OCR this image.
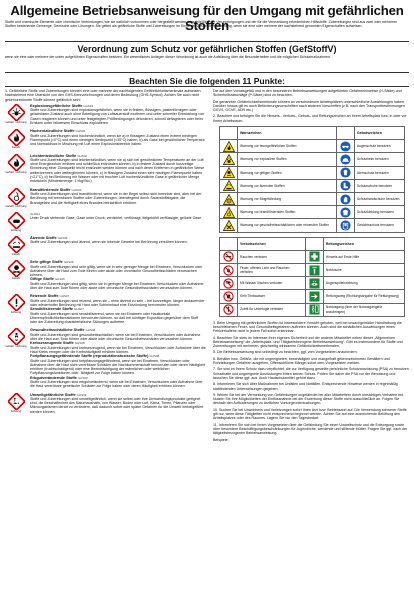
Allgemeine Betriebsanweisung für den Umgang mit gefährlichen Stoffen
Stoffe und chemische Elemente oder chemische Verbindungen, wie sie natürlich vorkommen oder hergestellt werden, einschließlich der Verunreinigungen und der für die Vermarktung erforderlichen Hilfsstoffe. Zubereitungen sind aus zwei oder mehreren Stoffen bestehende Gemenge, Gemische oder Lösungen. Sie gelten als gefährliche Stoffe und Zubereitungen im Sinne der Gefahrstoffverordnung, wenn sie eine oder mehrere der nachstehend genannten Eigenschaften aufweisen.
Verordnung zum Schutz vor gefährlichen Stoffen (GefStoffV)
wenn sie eine oder mehrere der unten aufgeführten Eigenschaften besitzen. Ein wesentliches Anliegen dieser Verordnung ist auch die Aufklärung über die Besonderheiten und die möglichen Schutzmaßnahmen.
Beachten Sie die folgenden 11 Punkte:

1. Gefährliche Stoffe und Zubereitungen können eine oder mehrere der nachfolgenden Gefährlichkeitsmerkmale aufweisen. Nachstehend eine Übersicht von den GHS-Kennzeichnungen und deren Bedeutung (GHS-Symbol). Achten Sie auch nicht gekennzeichnete Stoffe können gefährlich sein!

Gefahr / Achtung
Explosionsgefährliche Stoffe GHS01
Stoffe und Zubereitungen sind explosionsgefährlich, wenn sie in festem, flüssigem, pastenförmigem oder gelatinösem Zustand auch ohne Beteiligung von Luftsauerstoff exotherm und unter schneller Entwicklung von Gasen reagieren können und unter festgelegten Prüfbedingungen detonieren, schnell deflagrieren oder beim Erhitzen unter teilweisem Einschluss explodieren.
Gefahr
Hochentzündliche Stoffe GHS02
Stoffe und Zubereitungen sind hochentzündlich, wenn sie a) in flüssigem Zustand einen extrem niedrigen Flammpunkt (<0°C) und einen niedrigen Siedepunkt (<35°C) haben, b) als Gase bei gewöhnlicher Temperatur und Normaldruck in Mischung mit Luft einen Explosionsbereich haben.
Gefahr / Achtung
Leichtentzündliche Stoffe GHS02
Stoffe und Zubereitungen sind leichtentzündlich, wenn sie a) sich bei gewöhnlichen Temperaturen an der Luft ohne Energiezufuhr erhitzen und schließlich entzünden können, b) in festem Zustand durch kurzzeitige Einwirkung einer Zündquelle leicht entzündet werden können und nach deren Entfernen in gefährlicher Weise weiterbrennen oder weiterglimmen können, c) in flüssigem Zustand einen sehr niedrigen Flammpunkt haben (<21°C), d) bei Berührung mit Wasser oder mit feuchter Luft hochentzündliche Gase in gefährlicher Menge entwickeln (Mindestmenge: 1 l/kg/Std.).
Gefahr / Achtung
Brandfördernde Stoffe GHS03
Stoffe und Zubereitungen sind brandfördernd, wenn sie in der Regel selbst nicht brennbar sind, aber bei der Berührung mit brennbaren Stoffen oder Zubereitungen, überwiegend durch Sauerstoffabgabe, die Brandgefahr und die Heftigkeit eines Brandes beträchtlich erhöhen.
Achtung
GHS04
Unter Druck stehende Gase, Gase unter Druck; verdichtet, verflüssigt, tiefgekühlt verflüssigte, gelöste Gase
Gefahr
Ätzende Stoffe GHS05
Stoffe und Zubereitungen sind ätzend, wenn sie lebende Gewebe bei Berührung zerstören können.
Gefahr
Sehr giftige Stoffe GHS06
Stoffe und Zubereitungen sind sehr giftig, wenn sie in sehr geringer Menge bei Einatmen, Verschlucken oder Aufnahme über die Haut zum Tode führen oder akute oder chronische Gesundheitsschäden verursachen können.
Giftige Stoffe GHS06
Stoffe und Zubereitungen sind giftig, wenn sie in geringer Menge bei Einatmen, Verschlucken oder Aufnahme über die Haut zum Tode führen oder akute oder chronische Gesundheitsschäden verursachen können.
Achtung
Reizende Stoffe GHS07
Stoffe und Zubereitungen sind reizend, wenn sie – ohne ätzend zu sein – bei kurzzeitiger, länger andauernder oder wiederholter Berührung mit Haut oder Schleimhaut eine Entzündung hervorrufen können.
Sensibilisierende Stoffe GHS07
Stoffe und Zubereitungen sind sensibilisierend, wenn sie bei Einatmen oder Hautkontakt Überempfindlichkeitsreaktionen hervorrufen können, so daß bei künftiger Exposition gegenüber dem Stoff oder der Zubereitung charakteristische Störungen auftreten.
Gefahr / Achtung
Gesundheitsschädliche Stoffe GHS08
Stoffe und Zubereitungen sind gesundheitsschädlich, wenn sie bei Einatmen, Verschlucken oder Aufnahme über die Haut zum Tode führen oder akute oder chronische Gesundheitsschäden verursachen können.
Krebserzeugende Stoffe GHS08
Stoffe und Zubereitungen sind krebserzeugend, wenn sie bei Einatmen, Verschlucken oder Aufnahme über die Haut Krebs erregen oder die Krebshäufigkeit erhöhen können.
Fortpflanzungsgefährdende Stoffe (reproduktionstoxische Stoffe) GHS08
Stoffe und Zubereitungen sind fortpflanzungsgefährdend, wenn sie bei Einatmen, Verschlucken oder Aufnahme über die Haut nicht vererbbare Schäden der Nachkommenschaft hervorrufen oder deren Häufigkeit erhöhen (fruchtschädigend) oder eine Beeinträchtigung der männlichen oder weiblichen Fortpflanzungsfunktionen oder -fähigkeit zur Folge haben können.
Erbgutverändernde Stoffe GHS08
Stoffe und Zubereitungen sind erbgutverändernd, wenn sie bei Einatmen, Verschlucken oder Aufnahme über die Haut vererbbare genetische Schäden zur Folge haben oder deren Häufigkeit erhöhen können.
Achtung
Umweltgefährliche Stoffe GHS09
Stoffe und Zubereitungen sind umweltgefährlich, wenn sie selbst oder ihre Umwandlungsprodukte geeignet sind, die Beschaffenheit des Naturhaushalts, von Wasser, Boden oder Luft, Klima, Tieren, Pflanzen oder Mikroorganismen derart zu verändern, daß dadurch sofort oder später Gefahren für die Umwelt herbeigeführt werden können.

Die auf dem Vorratsgefäß und in den besonderen Betriebsanweisungen aufgeführten Gefahrenhinweise (H-Sätze) und Sicherheitsratschläge (P-Sätze) sind zu beachten.

Die genannten Gefährlichkeitsmerkmale können an verschiedenen Arbeitsplätzen unterschiedliche Auswirkungen haben. Darüber hinaus gilt es auch Beförderungsvorschriften nach anderen Vorschriften (z.B. nach den Transportbestimmungen GGVS, GGVE, ADR etc.)

2. Beachten und befolgen Sie die Hinweis-, Verbots-, Gebots- und Rettungszeichen an Ihrem Arbeitsplatz bzw. in oder vor Ihrem Arbeitsraum.

	Warnzeichen		Gebotszeichen

	Warnung vor feuergefährlichen Stoffen		Augenschutz benutzen

	Warnung vor explosiven Stoffen		Schutzhelm benutzen

	Warnung vor giftigen Stoffen		Atemschutz benutzen

	Warnung vor ätzenden Stoffen		Schutzschuhe benutzen

	Warnung vor Biogefährdung		Schutzhandschuhe benutzen

	Warnung vor brandfördernden Stoffen		Schutzkleidung benutzen

	Warnung vor gesundheitsschädlichen oder reizenden Stoffen		Gesichtsschutz benutzen
	Verbotszeichen		Rettungszeichen

	Rauchen verboten		Hinweis auf Erste Hilfe

	Feuer, offenes Licht und Rauchen verboten		Notdusche

	Mit Wasser löschen verboten		Augenspüleinrichtung

	Kein Trinkwasser		Rettungsweg (Richtungsangabe für Rettungsweg)

	Zutritt für Unbefugte verboten		Notausgang (über der Notausgangstür anzubringen)

3. Beim Umgang mit gefährlichen Stoffen ist insbesondere Vorsicht geboten, weil bei unsachgemäßer Handhabung die beschriebenen Feuer- und Gesundheitsgefahren auftreten können. Auch sind die schädlichen Auswirkungen eines Fehlverhaltens nicht in jedem Fall sofort erkennbar.

4. Beachten Sie stets im Interesse Ihrer eigenen Sicherheit und der anderer Mitarbeiter neben dieser „Allgemeinen Betriebsanweisung“ die „Arbeitsplatz- und Tätigkeitsbezogene Betriebsanweisung“. Gibt es insbesondere für Stoffe und Zubereitungen mit mehreren, gleichzeitig wirksamen Gefährlichkeitsmerkmalen.

5. Die Betriebsanweisung sind unbedingt zu beachten, ggf. vom Vorgesetzten anzufordern.

6. Behälter bzw. Gefäße, die mit ungeeigneten, beschädigten und mangelhaft gekennzeichneten Behältern und Rohrleitungen Gefahren ausgehen, Offensichtliche Mängel sofort dem Vorgesetzten melden.

7. Sie sind im Ihrem Schutz dazu verpflichtet, die zur Verfügung gestellte persönliche Schutzausrüstung (PSA) zu benutzen. Schadhafte und ungeeignete Ausrüstungen bitten keinen Schutz. Prüfen Sie daher die PSA vor der Benutzung und tauschen Sie diese ggf. aus. Auch Hautschutzmittel gehört dazu.

8. Informieren Sie sich über Maßnahmen bei Unfällen und Notfällen. Entsprechende Hinweise werden in regelmäßig stattfindenden Unterweisungen gegeben.

9. Wirken Sie bei der Vermeidung von Gefährdungen ungefährdet bei aller Mitarbeitern durch umsichtiges Verhalten mit. Nutzen Sie Ihre Möglichkeiten der Einflussnahme bei der Erwerbung dieser Stoffe nicht ausschließlich an. Folgen Sie deshalb den Aufforderungen zu ärztlichen Vorsorgeuntersuchungen.

10. Suchen Sie bei Unwohlsein und Verletzungen sofort Ihren Arzt bzw. Betriebsarzt auf. Die Verwendung schwerer Stoffe gilt nur, wenn diese Tätigkeiten nicht entsprechend begrenzt werden. Achten Sie auf eine ausreichende Belüftung des Arbeitsplatzes oder des Raumes. Lagern Sie nur den Tagesbedarf.

11. Informieren Sie sich bei Ihrem Vorgesetzten über die Gefährdung Sie einen Umweltschutz und die Entsorgung sowie über besondere Beschäftigungsbeschränkungen für Jugendliche, werdende und stillende Mütter. Fragen Sie ggf. nach der tätigkeitsbezogenen Betriebsanweisung.

Beispiele:
